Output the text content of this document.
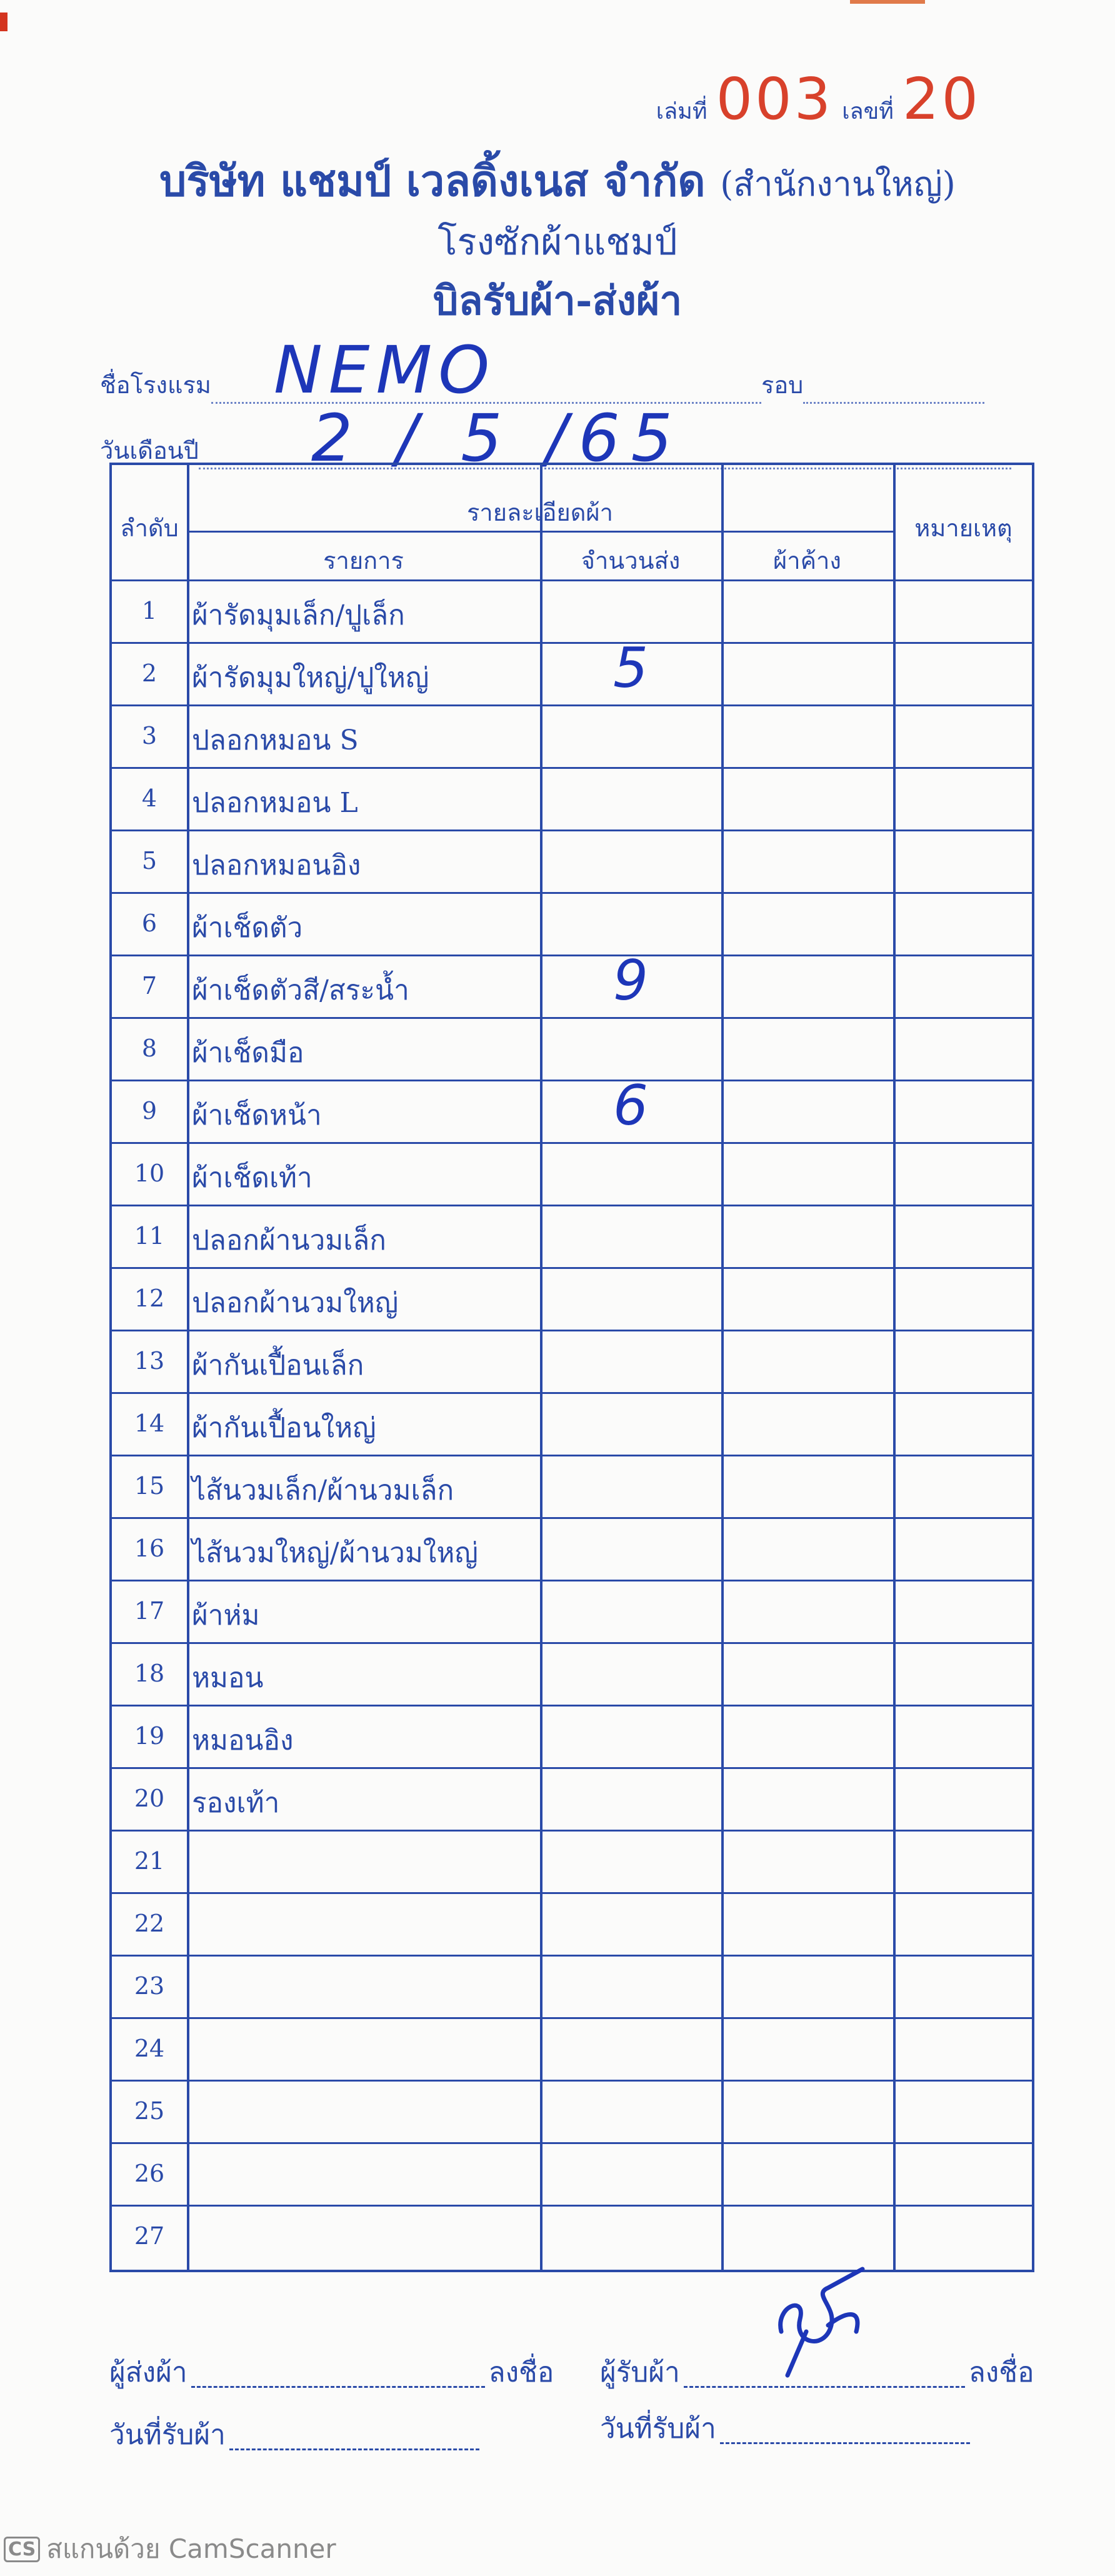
เล่มที่ 003 เลขที่ 20
บริษัท แชมป์ เวลดิ้งเนส จำกัด (สำนักงานใหญ่)
โรงซักผ้าแชมป์
บิลรับผ้า-ส่งผ้า
ชื่อโรงแรม NEMO	รอบ
วันเดือนปี 2 / 5 /65
ลำดับ
รายละเอียดผ้า
รายการ	จำนวนส่ง	ผ้าค้าง
หมายเหตุ
1	ผ้ารัดมุมเล็ก/ปูเล็ก
2	ผ้ารัดมุมใหญ่/ปูใหญ่	5
3	ปลอกหมอน S
4	ปลอกหมอน L
5	ปลอกหมอนอิง
6	ผ้าเช็ดตัว
7	ผ้าเช็ดตัวสี/สระน้ำ	9
8	ผ้าเช็ดมือ
9	ผ้าเช็ดหน้า	6
10 ผ้าเช็ดเท้า
11 ปลอกผ้านวมเล็ก
12 ปลอกผ้านวมใหญ่
13 ผ้ากันเปื้อนเล็ก
14 ผ้ากันเปื้อนใหญ่
15 ไส้นวมเล็ก/ผ้านวมเล็ก
16 ไส้นวมใหญ่/ผ้านวมใหญ่
17 ผ้าห่ม
18 หมอน
19 หมอนอิง
20 รองเท้า
21
22
23
24
25
26
27
ผู้ส่งผ้า	ลงชื่อ ผู้รับผ้า	ลงชื่อ
วันที่รับผ้า	วันที่รับผ้า
CS สแกนด้วย CamScanner
